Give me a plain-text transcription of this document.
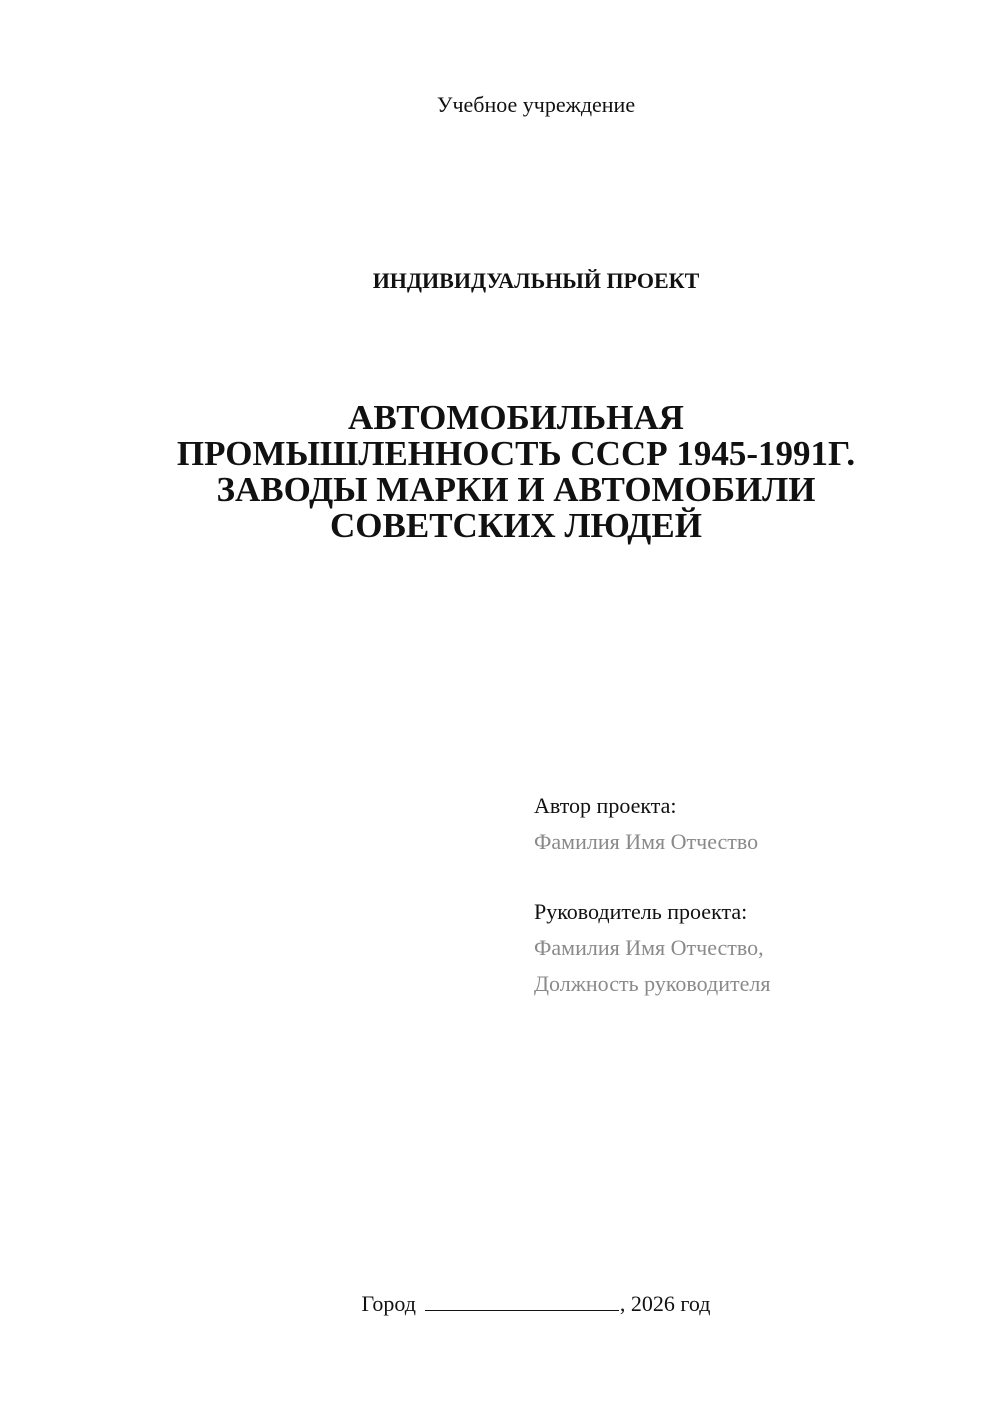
Учебное учреждение
ИНДИВИДУАЛЬНЫЙ ПРОЕКТ
АВТОМОБИЛЬНАЯ
ПРОМЫШЛЕННОСТЬ СССР 1945-1991Г.
ЗАВОДЫ МАРКИ И АВТОМОБИЛИ
СОВЕТСКИХ ЛЮДЕЙ
Автор проекта:
Фамилия Имя Отчество
Руководитель проекта:
Фамилия Имя Отчество,
Должность руководителя
Город	, 2026 год
